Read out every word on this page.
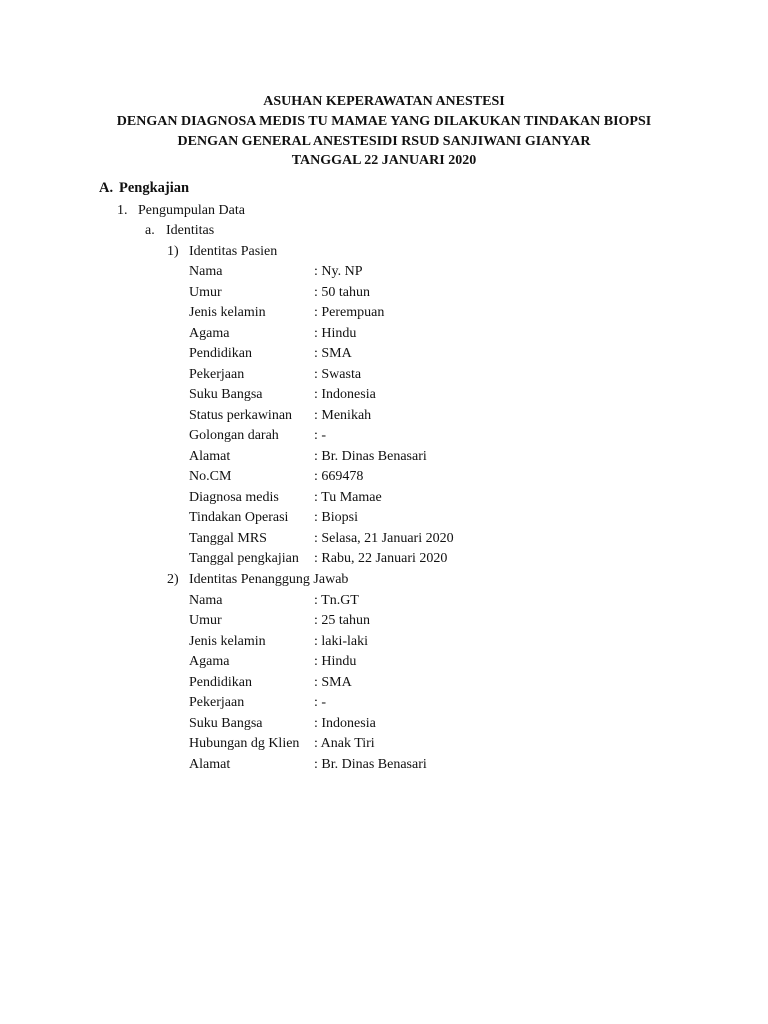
ASUHAN KEPERAWATAN ANESTESI
DENGAN DIAGNOSA MEDIS TU MAMAE YANG DILAKUKAN TINDAKAN BIOPSI
DENGAN GENERAL ANESTESIDI RSUD SANJIWANI GIANYAR
TANGGAL 22 JANUARI 2020
A. Pengkajian
1. Pengumpulan Data
a. Identitas
1) Identitas Pasien
Nama	: Ny. NP
Umur	: 50 tahun
Jenis kelamin	: Perempuan
Agama	: Hindu
Pendidikan	: SMA
Pekerjaan	: Swasta
Suku Bangsa	: Indonesia
Status perkawinan : Menikah
Golongan darah	: -
Alamat	: Br. Dinas Benasari
No.CM	: 669478
Diagnosa medis	: Tu Mamae
Tindakan Operasi : Biopsi
Tanggal MRS	: Selasa, 21 Januari 2020
Tanggal pengkajian : Rabu, 22 Januari 2020
2) Identitas Penanggung Jawab
Nama	: Tn.GT
Umur	: 25 tahun
Jenis kelamin	: laki-laki
Agama	: Hindu
Pendidikan	: SMA
Pekerjaan	: -
Suku Bangsa	: Indonesia
Hubungan dg Klien : Anak Tiri
Alamat	: Br. Dinas Benasari
